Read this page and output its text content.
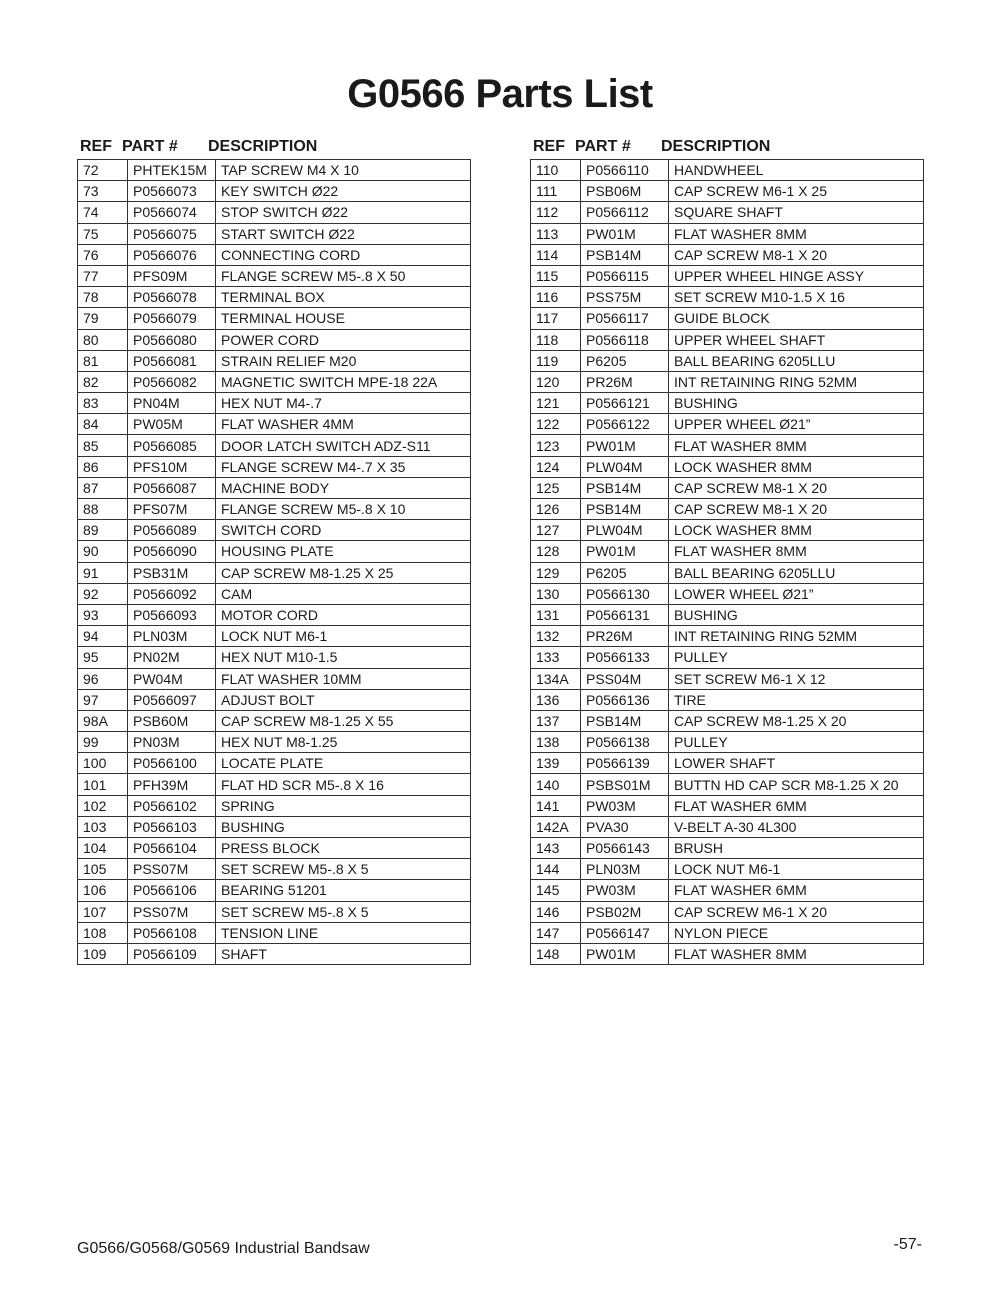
G0566 Parts List
REF PART # DESCRIPTION
72	PHTEK15M	TAP SCREW M4 X 10
73	P0566073	KEY SWITCH Ø22
74	P0566074	STOP SWITCH Ø22
75	P0566075	START SWITCH Ø22
76	P0566076	CONNECTING CORD
77	PFS09M	FLANGE SCREW M5-.8 X 50
78	P0566078	TERMINAL BOX
79	P0566079	TERMINAL HOUSE
80	P0566080	POWER CORD
81	P0566081	STRAIN RELIEF M20
82	P0566082	MAGNETIC SWITCH MPE-18 22A
83	PN04M	HEX NUT M4-.7
84	PW05M	FLAT WASHER 4MM
85	P0566085	DOOR LATCH SWITCH ADZ-S11
86	PFS10M	FLANGE SCREW M4-.7 X 35
87	P0566087	MACHINE BODY
88	PFS07M	FLANGE SCREW M5-.8 X 10
89	P0566089	SWITCH CORD
90	P0566090	HOUSING PLATE
91	PSB31M	CAP SCREW M8-1.25 X 25
92	P0566092	CAM
93	P0566093	MOTOR CORD
94	PLN03M	LOCK NUT M6-1
95	PN02M	HEX NUT M10-1.5
96	PW04M	FLAT WASHER 10MM
97	P0566097	ADJUST BOLT
98A	PSB60M	CAP SCREW M8-1.25 X 55
99	PN03M	HEX NUT M8-1.25
100	P0566100	LOCATE PLATE
101	PFH39M	FLAT HD SCR M5-.8 X 16
102	P0566102	SPRING
103	P0566103	BUSHING
104	P0566104	PRESS BLOCK
105	PSS07M	SET SCREW M5-.8 X 5
106	P0566106	BEARING 51201
107	PSS07M	SET SCREW M5-.8 X 5
108	P0566108	TENSION LINE
109	P0566109	SHAFT
REF PART # DESCRIPTION
110	P0566110	HANDWHEEL
111	PSB06M	CAP SCREW M6-1 X 25
112	P0566112	SQUARE SHAFT
113	PW01M	FLAT WASHER 8MM
114	PSB14M	CAP SCREW M8-1 X 20
115	P0566115	UPPER WHEEL HINGE ASSY
116	PSS75M	SET SCREW M10-1.5 X 16
117	P0566117	GUIDE BLOCK
118	P0566118	UPPER WHEEL SHAFT
119	P6205	BALL BEARING 6205LLU
120	PR26M	INT RETAINING RING 52MM
121	P0566121	BUSHING
122	P0566122	UPPER WHEEL Ø21”
123	PW01M	FLAT WASHER 8MM
124	PLW04M	LOCK WASHER 8MM
125	PSB14M	CAP SCREW M8-1 X 20
126	PSB14M	CAP SCREW M8-1 X 20
127	PLW04M	LOCK WASHER 8MM
128	PW01M	FLAT WASHER 8MM
129	P6205	BALL BEARING 6205LLU
130	P0566130	LOWER WHEEL Ø21”
131	P0566131	BUSHING
132	PR26M	INT RETAINING RING 52MM
133	P0566133	PULLEY
134A	PSS04M	SET SCREW M6-1 X 12
136	P0566136	TIRE
137	PSB14M	CAP SCREW M8-1.25 X 20
138	P0566138	PULLEY
139	P0566139	LOWER SHAFT
140	PSBS01M	BUTTN HD CAP SCR M8-1.25 X 20
141	PW03M	FLAT WASHER 6MM
142A	PVA30	V-BELT A-30 4L300
143	P0566143	BRUSH
144	PLN03M	LOCK NUT M6-1
145	PW03M	FLAT WASHER 6MM
146	PSB02M	CAP SCREW M6-1 X 20
147	P0566147	NYLON PIECE
148	PW01M	FLAT WASHER 8MM
G0566/G0568/G0569 Industrial Bandsaw	-57-
